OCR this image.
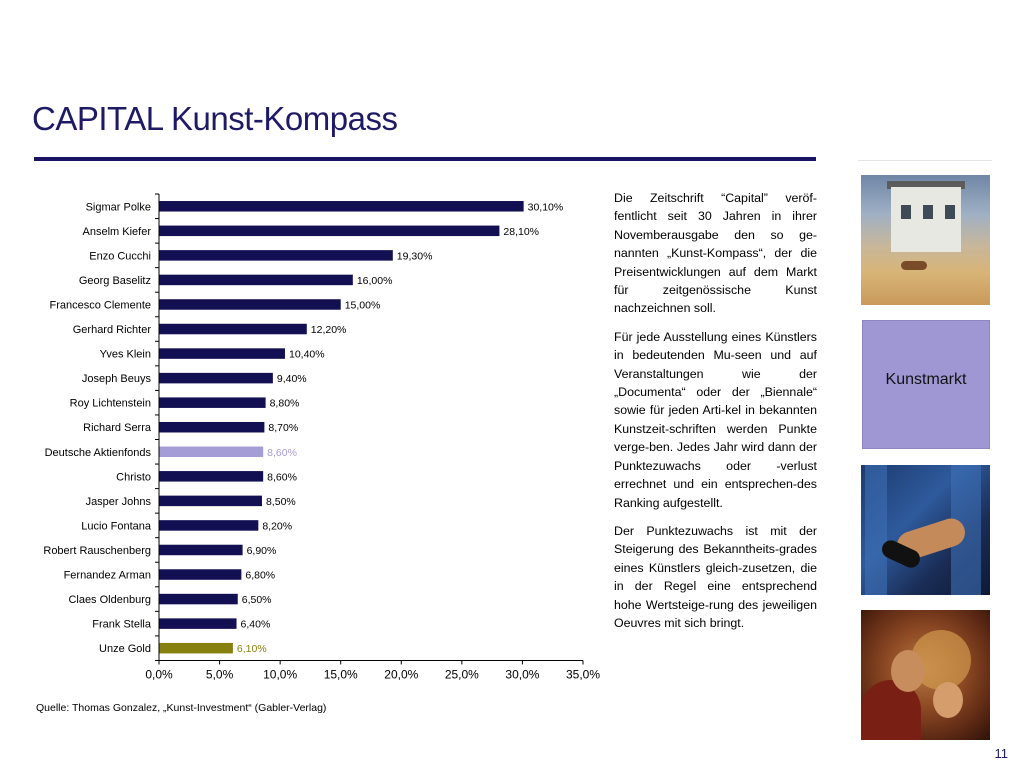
CAPITAL Kunst-Kompass
Sigmar Polke
Anselm Kiefer
Enzo Cucchi
Georg Baselitz
Francesco Clemente
Gerhard Richter
Yves Klein
Joseph Beuys
Roy Lichtenstein
Richard Serra
Deutsche Aktienfonds
Christo
Jasper Johns
Lucio Fontana
Robert Rauschenberg
Fernandez Arman
Claes Oldenburg
Frank Stella
Unze Gold
30,10%
28,10%
19,30%
16,00%
15,00%
12,20%
10,40%
9,40%
8,80%
8,70%
8,60%
8,60%
8,50%
8,20%
6,90%
6,80%
6,50%
6,40%
6,10%
0,0%	5,0% 10,0% 15,0% 20,0% 25,0% 30,0% 35,0%

Die Zeitschrift “Capital” veröf-fentlicht seit 30 Jahren in ihrer Novemberausgabe den so ge-nannten „Kunst-Kompass“, der die Preisentwicklungen auf dem Markt für zeitgenössische Kunst nachzeichnen soll.

Für jede Ausstellung eines Künstlers in bedeutenden Mu-seen und auf Veranstaltungen wie der „Documenta“ oder der „Biennale“ sowie für jeden Arti-kel in bekannten Kunstzeit-schriften werden Punkte verge-ben. Jedes Jahr wird dann der Punktezuwachs oder -verlust errechnet und ein entsprechen-des Ranking aufgestellt.

Der Punktezuwachs ist mit der Steigerung des Bekanntheits-grades eines Künstlers gleich-zusetzen, die in der Regel eine entsprechend hohe Wertsteige-rung des jeweiligen Oeuvres mit sich bringt.

Kunstmarkt
Quelle: Thomas Gonzalez, „Kunst-Investment“ (Gabler-Verlag)
11
